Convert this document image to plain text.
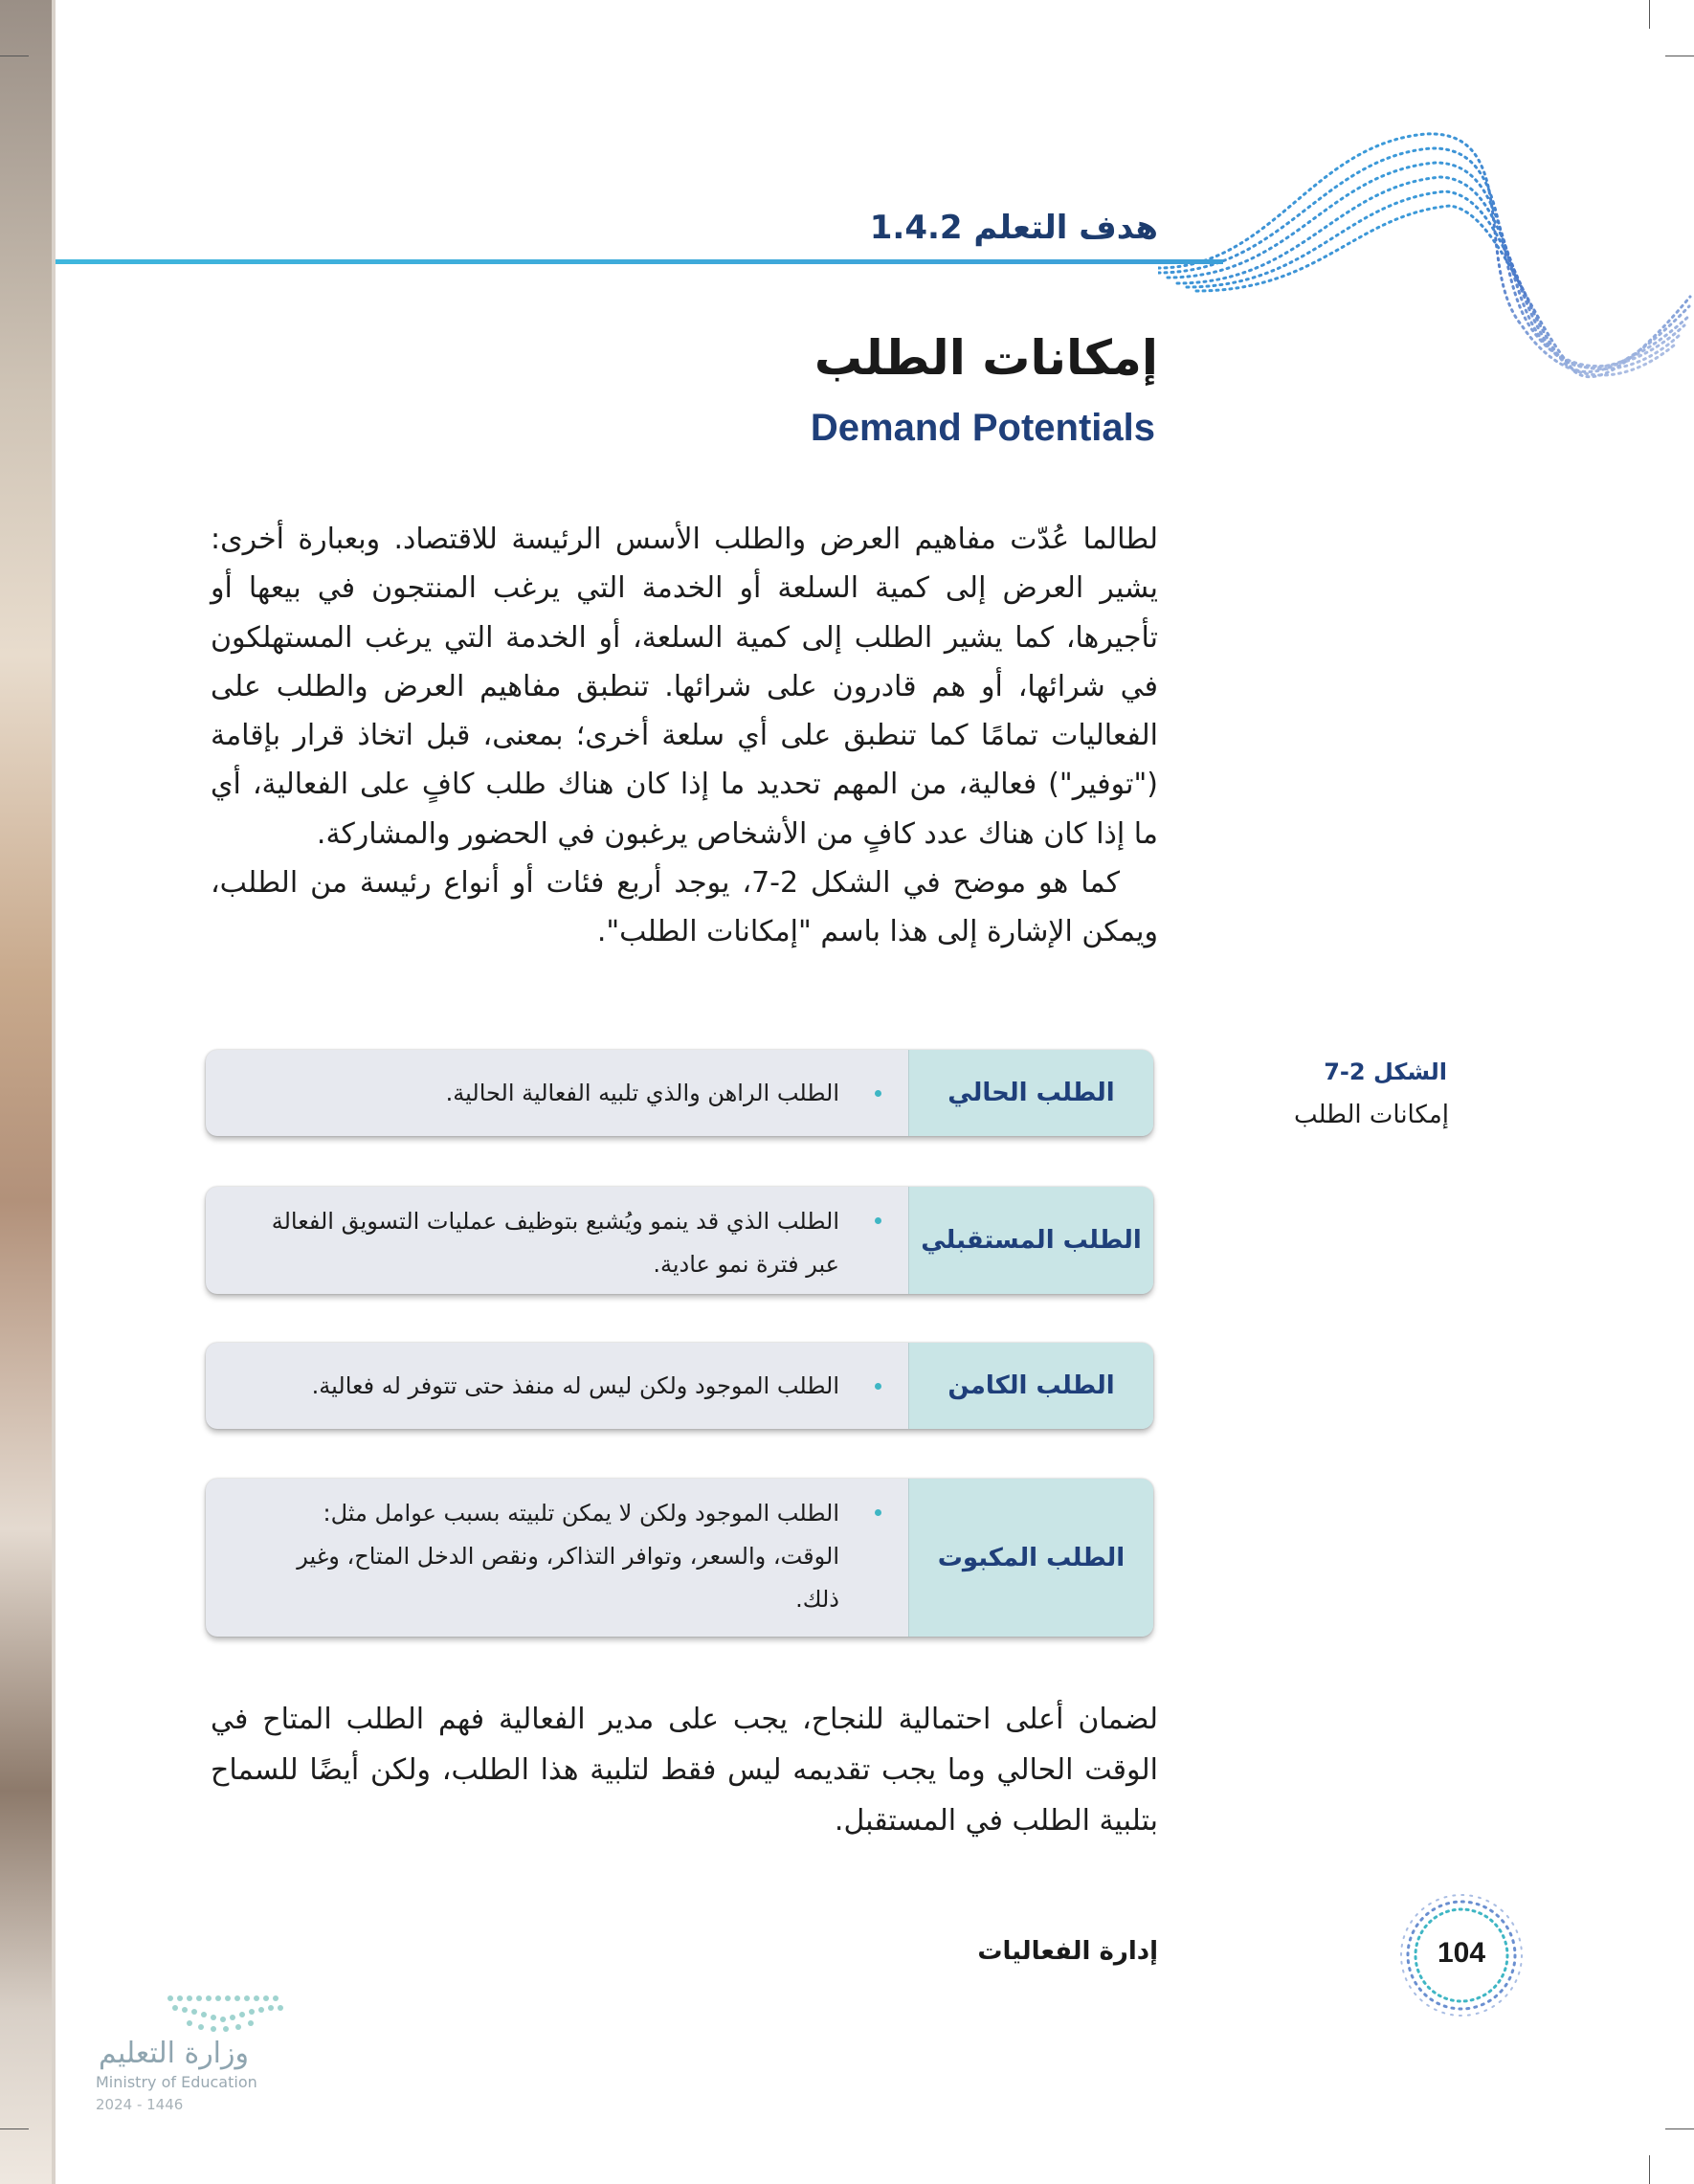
هدف التعلم 1.4.2
إمكانات الطلب
Demand Potentials
لطالما عُدّت مفاهيم العرض والطلب الأسس الرئيسة للاقتصاد. وبعبارة أخرى: يشير العرض إلى كمية السلعة أو الخدمة التي يرغب المنتجون في بيعها أو تأجيرها، كما يشير الطلب إلى كمية السلعة، أو الخدمة التي يرغب المستهلكون في شرائها، أو هم قادرون على شرائها. تنطبق مفاهيم العرض والطلب على الفعاليات تمامًا كما تنطبق على أي سلعة أخرى؛ بمعنى، قبل اتخاذ قرار بإقامة ("توفير") فعالية، من المهم تحديد ما إذا كان هناك طلب كافٍ على الفعالية، أي ما إذا كان هناك عدد كافٍ من الأشخاص يرغبون في الحضور والمشاركة.
كما هو موضح في الشكل 2-7، يوجد أربع فئات أو أنواع رئيسة من الطلب، ويمكن الإشارة إلى هذا باسم "إمكانات الطلب".
الطلب الحالي
الطلب الراهن والذي تلبيه الفعالية الحالية.
الطلب المستقبلي
الطلب الذي قد ينمو ويُشبع بتوظيف عمليات التسويق الفعالة عبر فترة نمو عادية.
الطلب الكامن
الطلب الموجود ولكن ليس له منفذ حتى تتوفر له فعالية.
الطلب المكبوت
الطلب الموجود ولكن لا يمكن تلبيته بسبب عوامل مثل: الوقت، والسعر، وتوافر التذاكر، ونقص الدخل المتاح، وغير ذلك.
الشكل 2-7
إمكانات الطلب
لضمان أعلى احتمالية للنجاح، يجب على مدير الفعالية فهم الطلب المتاح في الوقت الحالي وما يجب تقديمه ليس فقط لتلبية هذا الطلب، ولكن أيضًا للسماح بتلبية الطلب في المستقبل.
إدارة الفعاليات	104
وزارة التعليم
Ministry of Education
2024 - 1446
